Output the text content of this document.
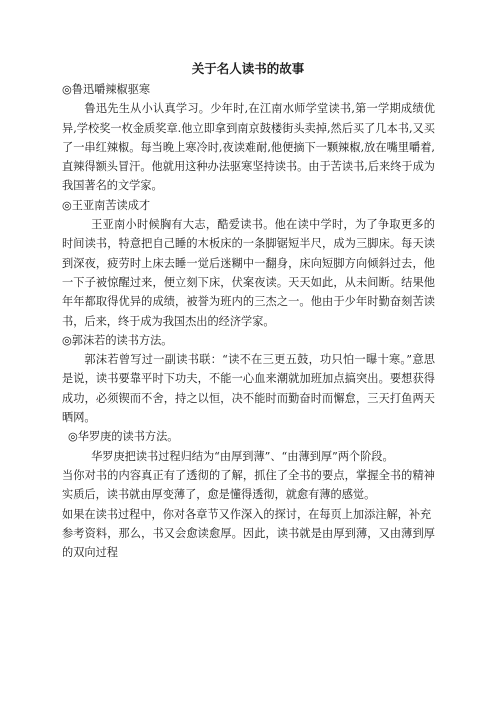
关于名人读书的故事

◎鲁迅嚼辣椒驱寒

鲁迅先生从小认真学习。少年时,在江南水师学堂读书,第一学期成绩优异,学校奖一枚金质奖章.他立即拿到南京鼓楼街头卖掉,然后买了几本书,又买了一串红辣椒。每当晚上寒冷时,夜读难耐,他便摘下一颗辣椒,放在嘴里嚼着,直辣得额头冒汗。他就用这种办法驱寒坚持读书。由于苦读书,后来终于成为我国著名的文学家。

◎王亚南苦读成才

王亚南小时候胸有大志，酷爱读书。他在读中学时，为了争取更多的时间读书，特意把自己睡的木板床的一条脚锯短半尺，成为三脚床。每天读到深夜，疲劳时上床去睡一觉后迷糊中一翻身，床向短脚方向倾斜过去，他一下子被惊醒过来，便立刻下床，伏案夜读。天天如此，从未间断。结果他年年都取得优异的成绩，被誉为班内的三杰之一。他由于少年时勤奋刻苦读书，后来，终于成为我国杰出的经济学家。

◎郭沫若的读书方法。

郭沫若曾写过一副读书联：“读不在三更五鼓，功只怕一曝十寒。”意思是说，读书要靠平时下功夫，不能一心血来潮就加班加点搞突出。要想获得成功，必须锲而不舍，持之以恒，决不能时而勤奋时而懈怠，三天打鱼两天晒网。

◎华罗庚的读书方法。

华罗庚把读书过程归结为“由厚到薄”、“由薄到厚”两个阶段。

当你对书的内容真正有了透彻的了解，抓住了全书的要点，掌握全书的精神实质后，读书就由厚变薄了，愈是懂得透彻，就愈有薄的感觉。

如果在读书过程中，你对各章节又作深入的探讨，在每页上加添注解，补充

参考资料，那么，书又会愈读愈厚。因此，读书就是由厚到薄，又由薄到厚的双向过程
